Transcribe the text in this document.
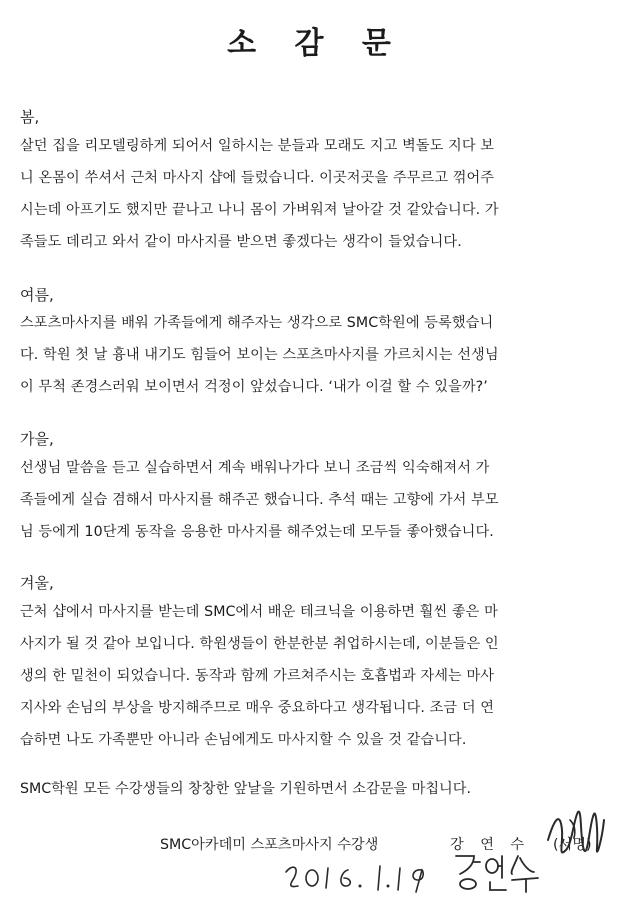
소 감 문
봄,
살던 집을 리모델링하게 되어서 일하시는 분들과 모래도 지고 벽돌도 지다 보
니 온몸이 쑤셔서 근처 마사지 샵에 들렀습니다. 이곳저곳을 주무르고 꺾어주
시는데 아프기도 했지만 끝나고 나니 몸이 가벼워져 날아갈 것 같았습니다. 가
족들도 데리고 와서 같이 마사지를 받으면 좋겠다는 생각이 들었습니다.
여름,
스포츠마사지를 배워 가족들에게 해주자는 생각으로 SMC학원에 등록했습니
다. 학원 첫 날 흉내 내기도 힘들어 보이는 스포츠마사지를 가르치시는 선생님
이 무척 존경스러워 보이면서 걱정이 앞섰습니다. ‘내가 이걸 할 수 있을까?’
가을,
선생님 말씀을 듣고 실습하면서 계속 배워나가다 보니 조금씩 익숙해져서 가
족들에게 실습 겸해서 마사지를 해주곤 했습니다. 추석 때는 고향에 가서 부모
님 등에게 10단계 동작을 응용한 마사지를 해주었는데 모두들 좋아했습니다.
겨울,
근처 샵에서 마사지를 받는데 SMC에서 배운 테크닉을 이용하면 훨씬 좋은 마
사지가 될 것 같아 보입니다. 학원생들이 한분한분 취업하시는데, 이분들은 인
생의 한 밑천이 되었습니다. 동작과 함께 가르쳐주시는 호흡법과 자세는 마사
지사와 손님의 부상을 방지해주므로 매우 중요하다고 생각됩니다. 조금 더 연
습하면 나도 가족뿐만 아니라 손님에게도 마사지할 수 있을 것 같습니다.
SMC학원 모든 수강생들의 창창한 앞날을 기원하면서 소감문을 마칩니다.
SMC아카데미 스포츠마사지 수강생	강 연 수 (서명)
